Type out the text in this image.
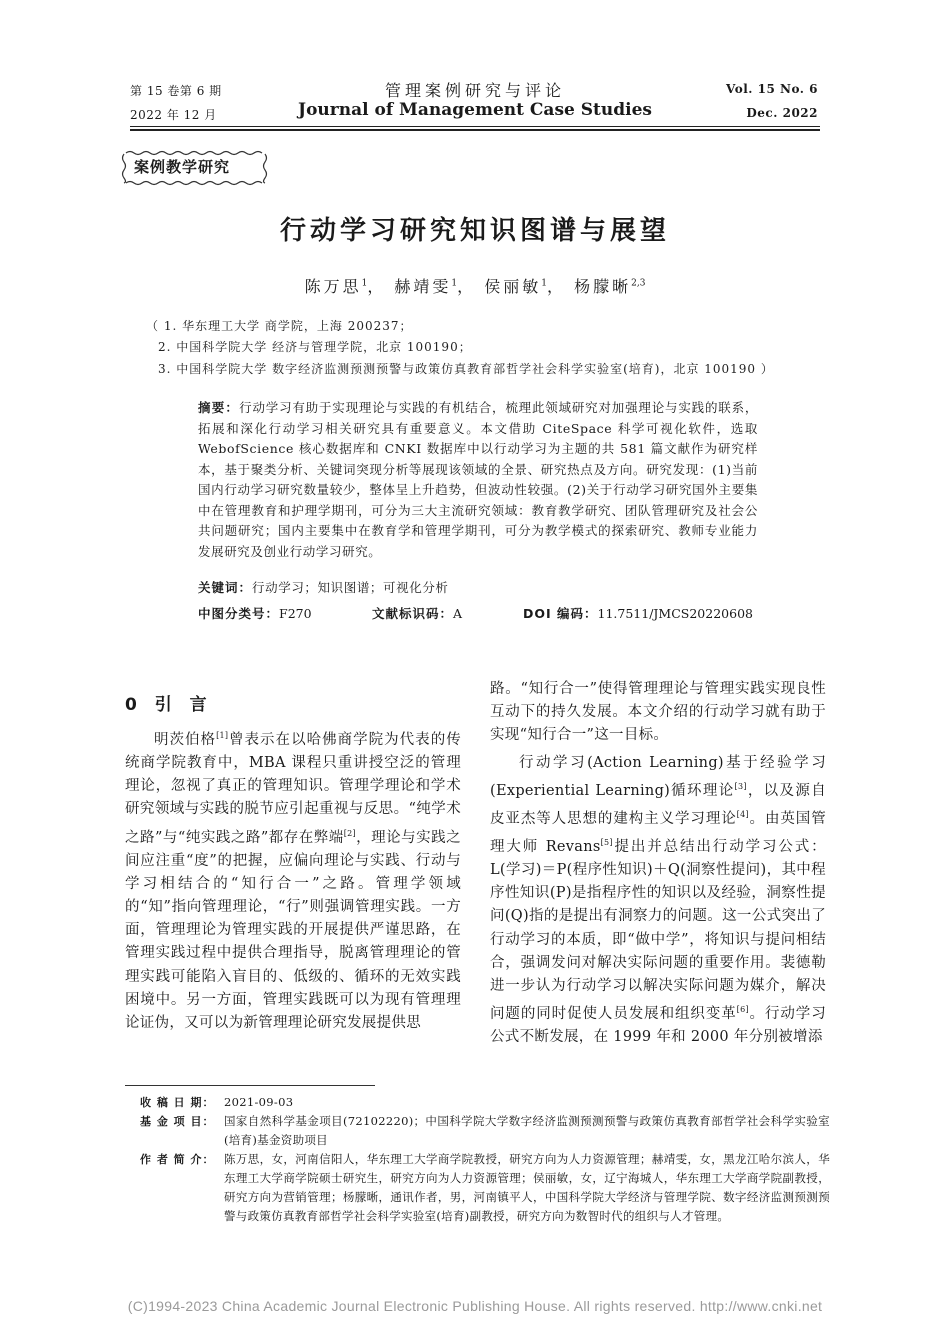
第 15 卷第 6 期
2022 年 12 月
管理案例研究与评论
Journal of Management Case Studies
Vol. 15 No. 6
Dec. 2022
案例教学研究
行动学习研究知识图谱与展望
陈万思$^1$， 赫靖雯$^1$， 侯丽敏$^1$， 杨朦晰$^{2,3}$
（ 1. 华东理工大学 商学院，上海 200237；
2. 中国科学院大学 经济与管理学院，北京 100190；
3. 中国科学院大学 数字经济监测预测预警与政策仿真教育部哲学社会科学实验室(培育)，北京 100190 ）
摘要：行动学习有助于实现理论与实践的有机结合，梳理此领域研究对加强理论与实践的联系，拓展和深化行动学习相关研究具有重要意义。本文借助 CiteSpace 科学可视化软件，选取 WebofScience 核心数据库和 CNKI 数据库中以行动学习为主题的共 581 篇文献作为研究样本，基于聚类分析、关键词突现分析等展现该领域的全景、研究热点及方向。研究发现：(1)当前国内行动学习研究数量较少，整体呈上升趋势，但波动性较强。(2)关于行动学习研究国外主要集中在管理教育和护理学期刊，可分为三大主流研究领域：教育教学研究、团队管理研究及社会公共问题研究；国内主要集中在教育学和管理学期刊，可分为教学模式的探索研究、教师专业能力发展研究及创业行动学习研究。
关键词：行动学习；知识图谱；可视化分析
中图分类号：F270	文献标识码：A	DOI 编码：11.7511/JMCS20220608
0 引 言

明茨伯格[1]曾表示在以哈佛商学院为代表的传统商学院教育中，MBA 课程只重讲授空泛的管理理论，忽视了真正的管理知识。管理学理论和学术研究领域与实践的脱节应引起重视与反思。“纯学术之路”与“纯实践之路”都存在弊端[2]，理论与实践之间应注重“度”的把握，应偏向理论与实践、行动与学习相结合的“知行合一”之路。管理学领域的“知”指向管理理论，“行”则强调管理实践。一方面，管理理论为管理实践的开展提供严谨思路，在管理实践过程中提供合理指导，脱离管理理论的管理实践可能陷入盲目的、低级的、循环的无效实践困境中。另一方面，管理实践既可以为现有管理理论证伪，又可以为新管理理论研究发展提供思

路。“知行合一”使得管理理论与管理实践实现良性互动下的持久发展。本文介绍的行动学习就有助于实现“知行合一”这一目标。

行动学习(Action Learning)基于经验学习(Experiential Learning)循环理论[3]，以及源自皮亚杰等人思想的建构主义学习理论[4]。由英国管理大师 Revans[5]提出并总结出行动学习公式：L(学习)＝P(程序性知识)＋Q(洞察性提问)，其中程序性知识(P)是指程序性的知识以及经验，洞察性提问(Q)指的是提出有洞察力的问题。这一公式突出了行动学习的本质，即“做中学”，将知识与提问相结合，强调发问对解决实际问题的重要作用。裴德勒进一步认为行动学习以解决实际问题为媒介，解决问题的同时促使人员发展和组织变革[6]。行动学习公式不断发展，在 1999 年和 2000 年分别被增添

收 稿 日 期： 2021-09-03
基 金 项 目： 国家自然科学基金项目(72102220)；中国科学院大学数字经济监测预测预警与政策仿真教育部哲学社会科学实验室(培育)基金资助项目
作 者 简 介： 陈万思，女，河南信阳人，华东理工大学商学院教授，研究方向为人力资源管理；赫靖雯，女，黑龙江哈尔滨人，华东理工大学商学院硕士研究生，研究方向为人力资源管理；侯丽敏，女，辽宁海城人，华东理工大学商学院副教授，研究方向为营销管理；杨朦晰，通讯作者，男，河南镇平人，中国科学院大学经济与管理学院、数字经济监测预测预警与政策仿真教育部哲学社会科学实验室(培育)副教授，研究方向为数智时代的组织与人才管理。
(C)1994-2023 China Academic Journal Electronic Publishing House. All rights reserved. http://www.cnki.net
